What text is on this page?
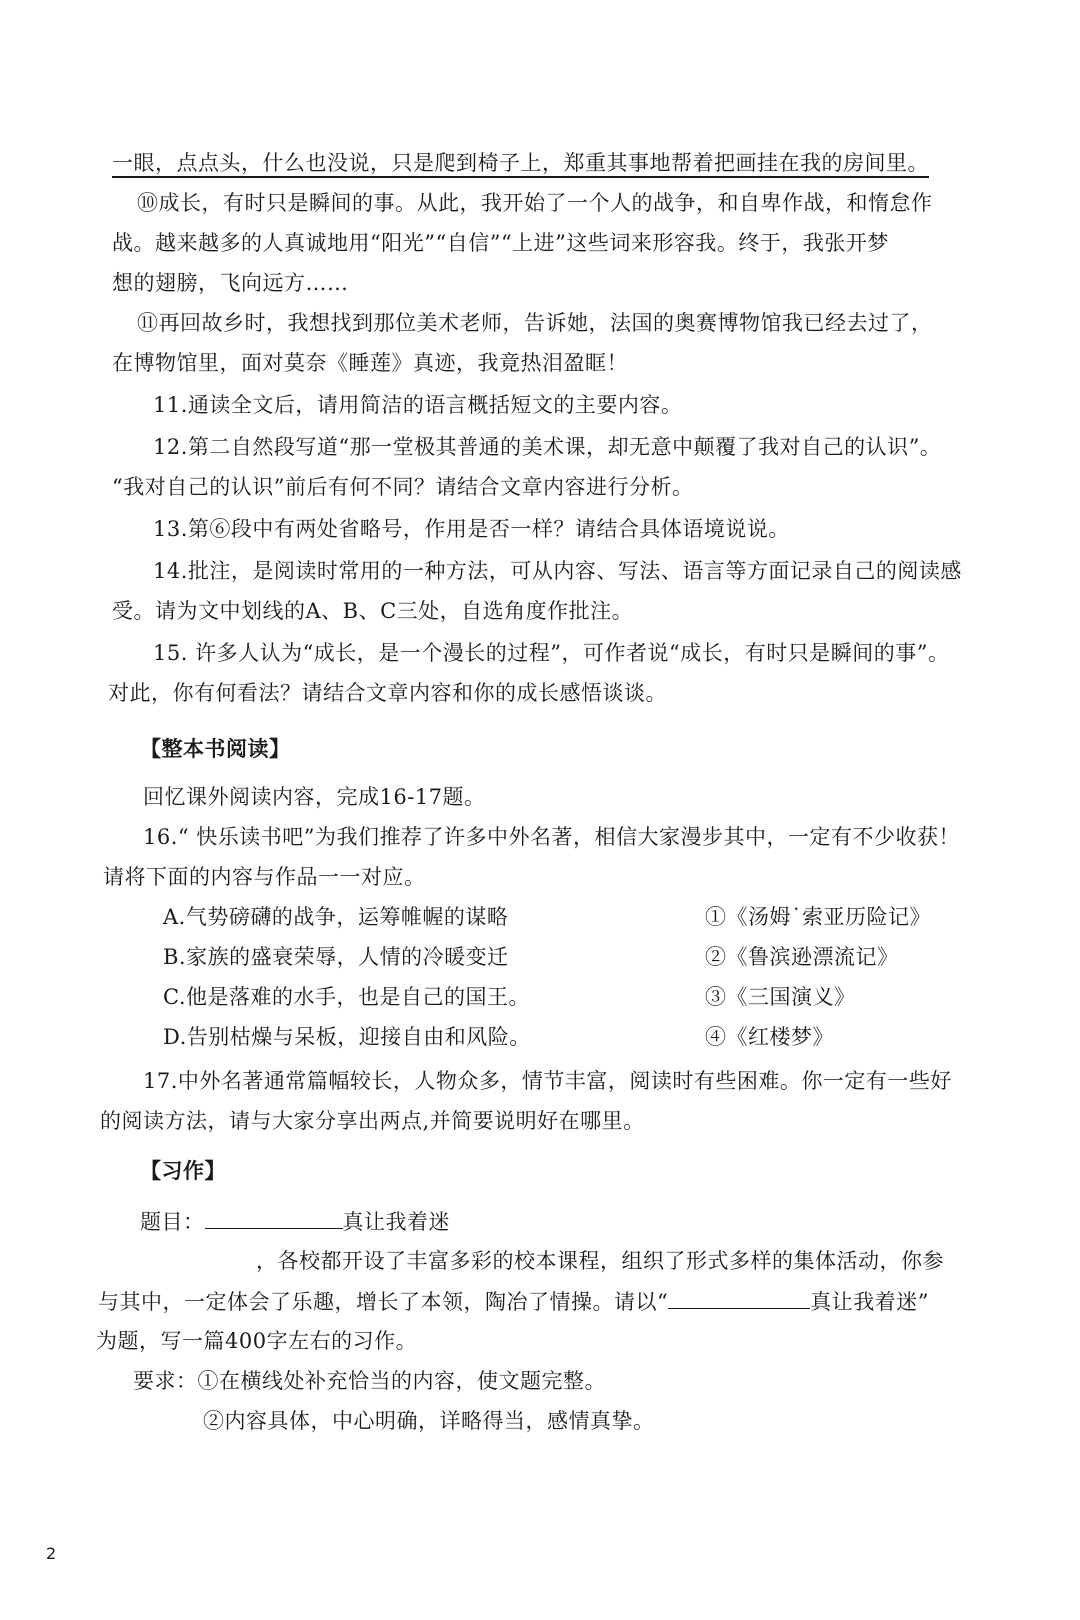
一眼，点点头，什么也没说，只是爬到椅子上，郑重其事地帮着把画挂在我的房间里。
⑩成长，有时只是瞬间的事。从此，我开始了一个人的战争，和自卑作战，和惰怠作
战。越来越多的人真诚地用“阳光”“自信”“上进”这些词来形容我。终于，我张开梦
想的翅膀，飞向远方……
⑪再回故乡时，我想找到那位美术老师，告诉她，法国的奥赛博物馆我已经去过了，
在博物馆里，面对莫奈《睡莲》真迹，我竟热泪盈眶！
11.通读全文后，请用简洁的语言概括短文的主要内容。
12.第二自然段写道“那一堂极其普通的美术课，却无意中颠覆了我对自己的认识”。
“我对自己的认识”前后有何不同？请结合文章内容进行分析。
13.第⑥段中有两处省略号，作用是否一样？请结合具体语境说说。
14.批注，是阅读时常用的一种方法，可从内容、写法、语言等方面记录自己的阅读感
受。请为文中划线的A、B、C三处，自选角度作批注。
15. 许多人认为“成长，是一个漫长的过程”，可作者说“成长，有时只是瞬间的事”。
对此，你有何看法？请结合文章内容和你的成长感悟谈谈。
【整本书阅读】
回忆课外阅读内容，完成16-17题。
16.“ 快乐读书吧”为我们推荐了许多中外名著，相信大家漫步其中，一定有不少收获！
请将下面的内容与作品一一对应。
A.气势磅礴的战争，运筹帷幄的谋略
B.家族的盛衰荣辱，人情的冷暖变迁
C.他是落难的水手，也是自己的国王。
D.告别枯燥与呆板，迎接自由和风险。
①《汤姆˙索亚历险记》
②《鲁滨逊漂流记》
③《三国演义》
④《红楼梦》
17.中外名著通常篇幅较长，人物众多，情节丰富，阅读时有些困难。你一定有一些好
的阅读方法，请与大家分享出两点,并简要说明好在哪里。
【习作】
题目：	真让我着迷
，各校都开设了丰富多彩的校本课程，组织了形式多样的集体活动，你参
与其中，一定体会了乐趣，增长了本领，陶冶了情操。请以“	真让我着迷”
为题，写一篇400字左右的习作。
要求：①在横线处补充恰当的内容，使文题完整。
②内容具体，中心明确，详略得当，感情真挚。
2
